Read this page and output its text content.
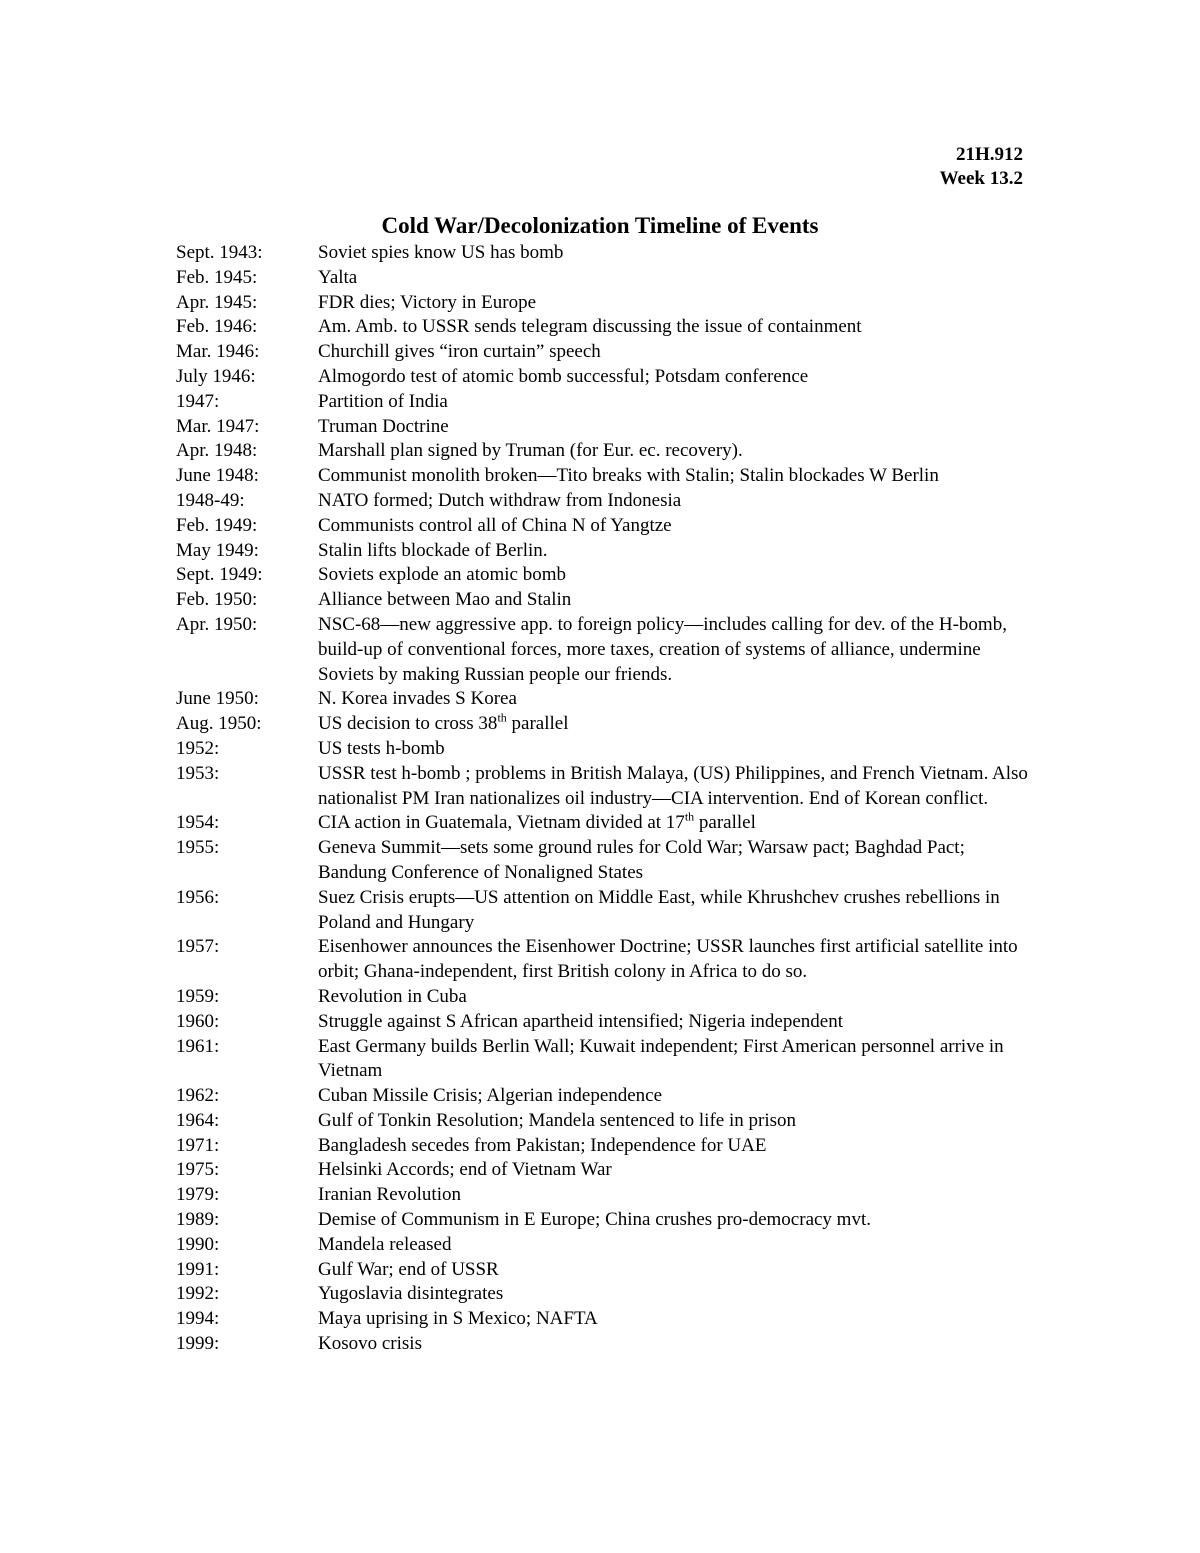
21H.912
Week 13.2
Cold War/Decolonization Timeline of Events
Sept. 1943:	Soviet spies know US has bomb
Feb. 1945:	Yalta
Apr. 1945:	FDR dies; Victory in Europe
Feb. 1946:	Am. Amb. to USSR sends telegram discussing the issue of containment
Mar. 1946:	Churchill gives “iron curtain” speech
July 1946:	Almogordo test of atomic bomb successful; Potsdam conference
1947:	Partition of India
Mar. 1947:	Truman Doctrine
Apr. 1948:	Marshall plan signed by Truman (for Eur. ec. recovery).
June 1948:	Communist monolith broken—Tito breaks with Stalin; Stalin blockades W Berlin
1948-49:	NATO formed; Dutch withdraw from Indonesia
Feb. 1949:	Communists control all of China N of Yangtze
May 1949:	Stalin lifts blockade of Berlin.
Sept. 1949:	Soviets explode an atomic bomb
Feb. 1950:	Alliance between Mao and Stalin
Apr. 1950:	NSC-68—new aggressive app. to foreign policy—includes calling for dev. of the H-bomb, build-up of conventional forces, more taxes, creation of systems of alliance, undermine Soviets by making Russian people our friends.
June 1950:	N. Korea invades S Korea
Aug. 1950:	US decision to cross 38th parallel
1952:	US tests h-bomb
1953:	USSR test h-bomb ; problems in British Malaya, (US) Philippines, and French Vietnam. Also nationalist PM Iran nationalizes oil industry—CIA intervention. End of Korean conflict.
1954:	CIA action in Guatemala, Vietnam divided at 17th parallel
1955:	Geneva Summit—sets some ground rules for Cold War; Warsaw pact; Baghdad Pact; Bandung Conference of Nonaligned States
1956:	Suez Crisis erupts—US attention on Middle East, while Khrushchev crushes rebellions in Poland and Hungary
1957:	Eisenhower announces the Eisenhower Doctrine; USSR launches first artificial satellite into orbit; Ghana-independent, first British colony in Africa to do so.
1959:	Revolution in Cuba
1960:	Struggle against S African apartheid intensified; Nigeria independent
1961:	East Germany builds Berlin Wall; Kuwait independent; First American personnel arrive in Vietnam
1962:	Cuban Missile Crisis; Algerian independence
1964:	Gulf of Tonkin Resolution; Mandela sentenced to life in prison
1971:	Bangladesh secedes from Pakistan; Independence for UAE
1975:	Helsinki Accords; end of Vietnam War
1979:	Iranian Revolution
1989:	Demise of Communism in E Europe; China crushes pro-democracy mvt.
1990:	Mandela released
1991:	Gulf War; end of USSR
1992:	Yugoslavia disintegrates
1994:	Maya uprising in S Mexico; NAFTA
1999:	Kosovo crisis
